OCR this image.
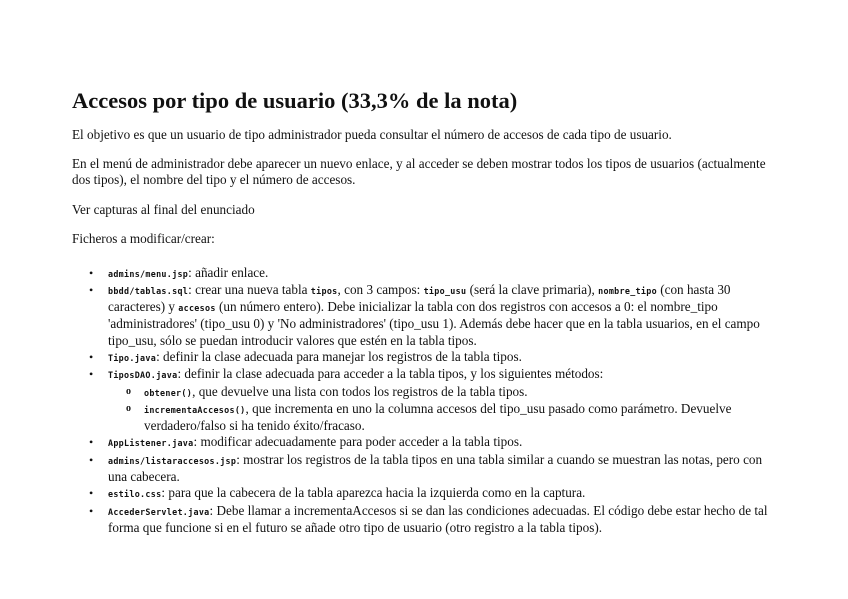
Accesos por tipo de usuario (33,3% de la nota)

El objetivo es que un usuario de tipo administrador pueda consultar el número de accesos de cada tipo de usuario.

En el menú de administrador debe aparecer un nuevo enlace, y al acceder se deben mostrar todos los tipos de usuarios (actualmente dos tipos), el nombre del tipo y el número de accesos.

Ver capturas al final del enunciado

Ficheros a modificar/crear:

• admins/menu.jsp: añadir enlace.
• bbdd/tablas.sql: crear una nueva tabla tipos, con 3 campos: tipo_usu (será la clave primaria), nombre_tipo (con hasta 30 caracteres) y accesos (un número entero). Debe inicializar la tabla con dos registros con accesos a 0: el nombre_tipo 'administradores' (tipo_usu 0) y 'No administradores' (tipo_usu 1). Además debe hacer que en la tabla usuarios, en el campo tipo_usu, sólo se puedan introducir valores que estén en la tabla tipos.
• Tipo.java: definir la clase adecuada para manejar los registros de la tabla tipos.
• TiposDAO.java: definir la clase adecuada para acceder a la tabla tipos, y los siguientes métodos:
o obtener(), que devuelve una lista con todos los registros de la tabla tipos.
o incrementaAccesos(), que incrementa en uno la columna accesos del tipo_usu pasado como parámetro. Devuelve verdadero/falso si ha tenido éxito/fracaso.
• AppListener.java: modificar adecuadamente para poder acceder a la tabla tipos.
• admins/listaraccesos.jsp: mostrar los registros de la tabla tipos en una tabla similar a cuando se muestran las notas, pero con una cabecera.
• estilo.css: para que la cabecera de la tabla aparezca hacia la izquierda como en la captura.
• AccederServlet.java: Debe llamar a incrementaAccesos si se dan las condiciones adecuadas. El código debe estar hecho de tal forma que funcione si en el futuro se añade otro tipo de usuario (otro registro a la tabla tipos).
